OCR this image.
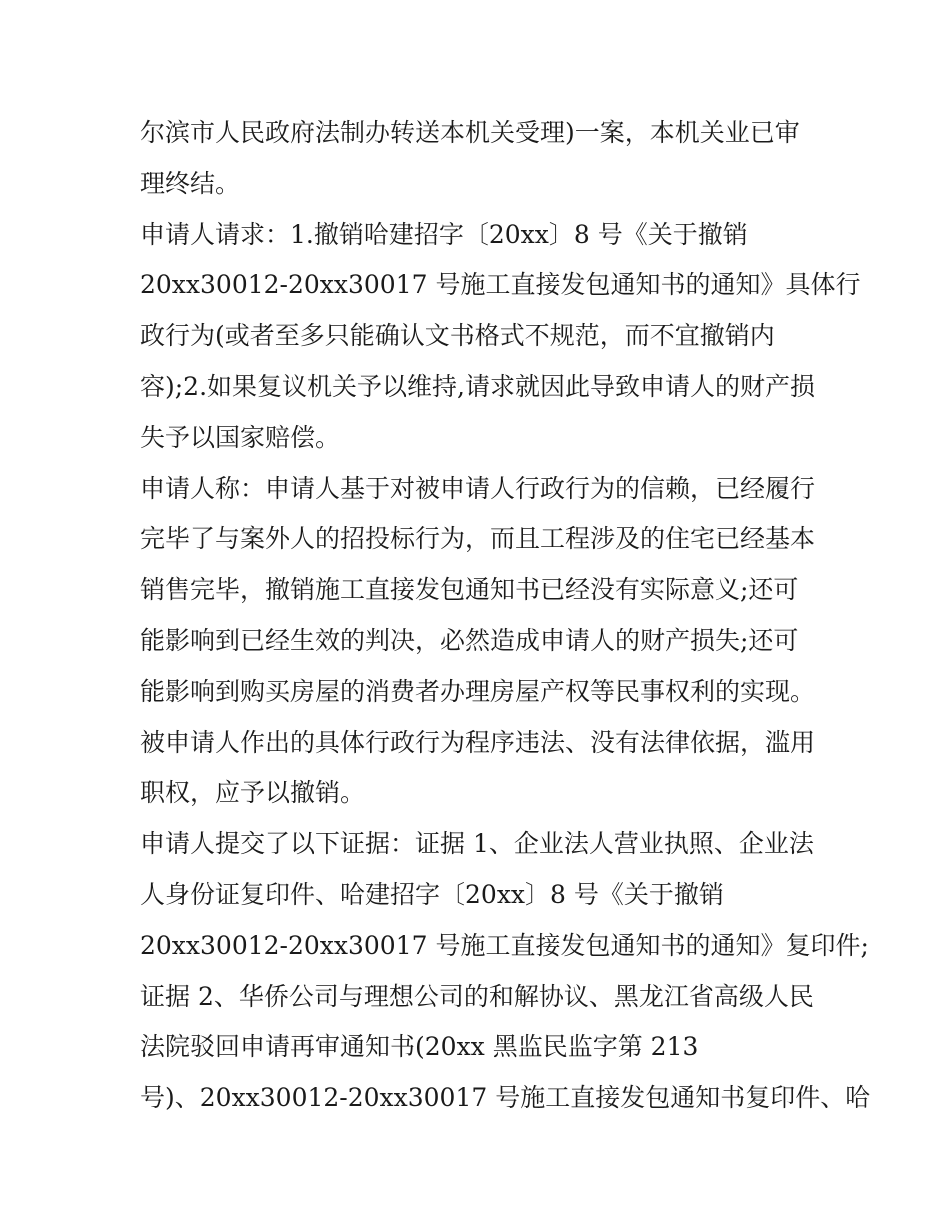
尔滨市人民政府法制办转送本机关受理)一案，本机关业已审
理终结。
申请人请求：1.撤销哈建招字〔20xx〕8 号《关于撤销
20xx30012-20xx30017 号施工直接发包通知书的通知》具体行
政行为(或者至多只能确认文书格式不规范，而不宜撤销内
容);2.如果复议机关予以维持,请求就因此导致申请人的财产损
失予以国家赔偿。
申请人称：申请人基于对被申请人行政行为的信赖，已经履行
完毕了与案外人的招投标行为，而且工程涉及的住宅已经基本
销售完毕，撤销施工直接发包通知书已经没有实际意义;还可
能影响到已经生效的判决，必然造成申请人的财产损失;还可
能影响到购买房屋的消费者办理房屋产权等民事权利的实现。
被申请人作出的具体行政行为程序违法、没有法律依据，滥用
职权，应予以撤销。
申请人提交了以下证据：证据 1、企业法人营业执照、企业法
人身份证复印件、哈建招字〔20xx〕8 号《关于撤销
20xx30012-20xx30017 号施工直接发包通知书的通知》复印件;
证据 2、华侨公司与理想公司的和解协议、黑龙江省高级人民
法院驳回申请再审通知书(20xx 黑监民监字第 213
号)、20xx30012-20xx30017 号施工直接发包通知书复印件、哈
